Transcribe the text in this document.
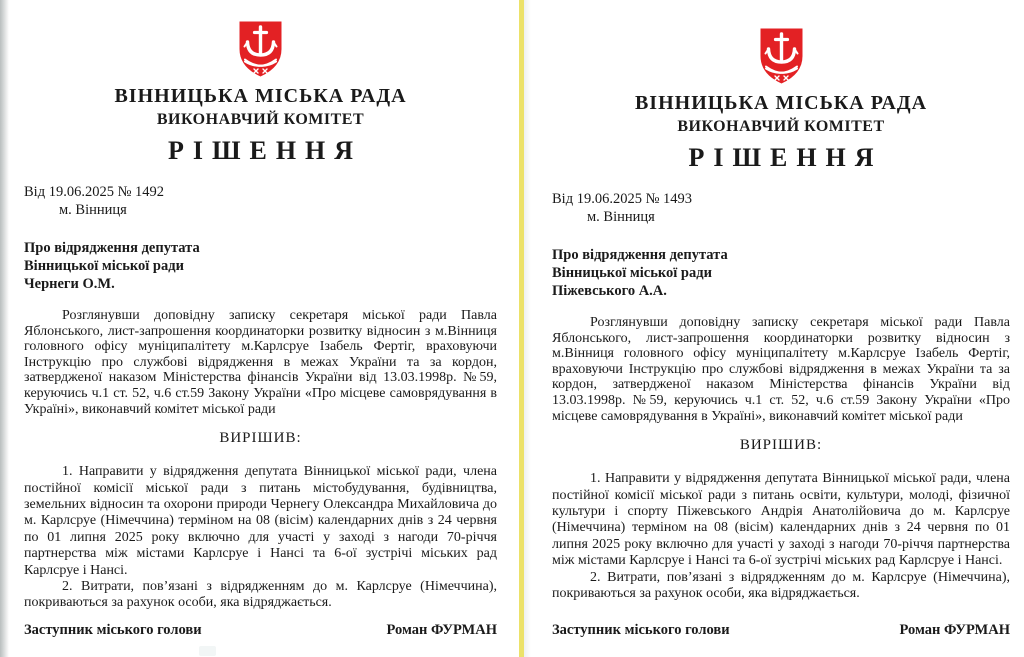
ВІННИЦЬКА МІСЬКА РАДА
ВИКОНАВЧИЙ КОМІТЕТ
РІШЕННЯ
Від 19.06.2025 № 1492
м. Вінниця
Про відрядження депутата
Вінницької міської ради
Чернеги О.М.

Розглянувши доповідну записку секретаря міської ради Павла Яблонського, лист-запрошення координаторки розвитку відносин з м.Вінниця головного офісу муніципалітету м.Карлсруе Ізабель Фертіг, враховуючи Інструкцію про службові відрядження в межах України та за кордон, затвердженої наказом Міністерства фінансів України від 13.03.1998р. №59, керуючись ч.1 ст. 52, ч.6 ст.59 Закону України «Про місцеве самоврядування в Україні», виконавчий комітет міської ради

ВИРІШИВ:

1. Направити у відрядження депутата Вінницької міської ради, члена постійної комісії міської ради з питань містобудування, будівництва, земельних відносин та охорони природи Чернегу Олександра Михайловича до м. Карлсруе (Німеччина) терміном на 08 (вісім) календарних днів з 24 червня по 01 липня 2025 року включно для участі у заході з нагоди 70-річчя партнерства між містами Карлсруе і Нансі та 6-ої зустрічі міських рад Карлсруе і Нансі.

2. Витрати, пов’язані з відрядженням до м. Карлсруе (Німеччина), покриваються за рахунок особи, яка відряджається.

Заступник міського голови	Роман ФУРМАН
ВІННИЦЬКА МІСЬКА РАДА
ВИКОНАВЧИЙ КОМІТЕТ
РІШЕННЯ
Від 19.06.2025 № 1493
м. Вінниця
Про відрядження депутата
Вінницької міської ради
Піжевського А.А.

Розглянувши доповідну записку секретаря міської ради Павла Яблонського, лист-запрошення координаторки розвитку відносин з м.Вінниця головного офісу муніципалітету м.Карлсруе Ізабель Фертіг, враховуючи Інструкцію про службові відрядження в межах України та за кордон, затвердженої наказом Міністерства фінансів України від 13.03.1998р. №59, керуючись ч.1 ст. 52, ч.6 ст.59 Закону України «Про місцеве самоврядування в Україні», виконавчий комітет міської ради

ВИРІШИВ:

1. Направити у відрядження депутата Вінницької міської ради, члена постійної комісії міської ради з питань освіти, культури, молоді, фізичної культури і спорту Піжевського Андрія Анатолійовича до м. Карлсруе (Німеччина) терміном на 08 (вісім) календарних днів з 24 червня по 01 липня 2025 року включно для участі у заході з нагоди 70-річчя партнерства між містами Карлсруе і Нансі та 6-ої зустрічі міських рад Карлсруе і Нансі.

2. Витрати, пов’язані з відрядженням до м. Карлсруе (Німеччина), покриваються за рахунок особи, яка відряджається.

Заступник міського голови	Роман ФУРМАН
